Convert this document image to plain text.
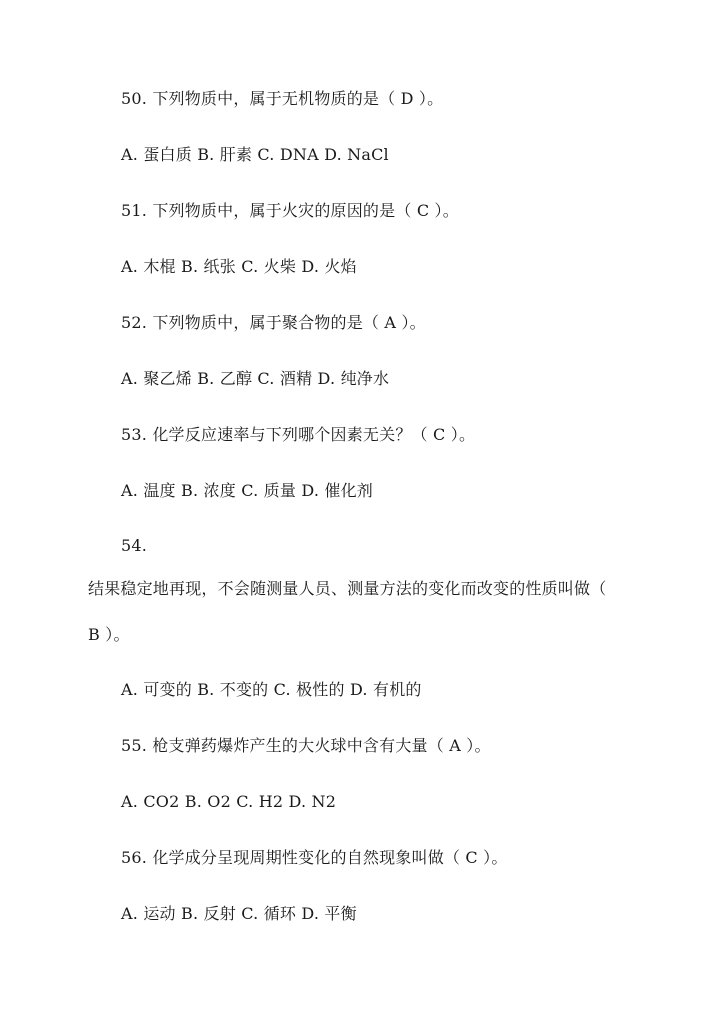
50. 下列物质中，属于无机物质的是（ D ）。
A. 蛋白质 B. 肝素 C. DNA D. NaCl
51. 下列物质中，属于火灾的原因的是（ C ）。
A. 木棍 B. 纸张 C. 火柴 D. 火焰
52. 下列物质中，属于聚合物的是（ A ）。
A. 聚乙烯 B. 乙醇 C. 酒精 D. 纯净水
53. 化学反应速率与下列哪个因素无关？（ C ）。
A. 温度 B. 浓度 C. 质量 D. 催化剂
54.
结果稳定地再现，不会随测量人员、测量方法的变化而改变的性质叫做（
B ）。
A. 可变的 B. 不变的 C. 极性的 D. 有机的
55. 枪支弹药爆炸产生的大火球中含有大量（ A ）。
A. CO2 B. O2 C. H2 D. N2
56. 化学成分呈现周期性变化的自然现象叫做（ C ）。
A. 运动 B. 反射 C. 循环 D. 平衡
